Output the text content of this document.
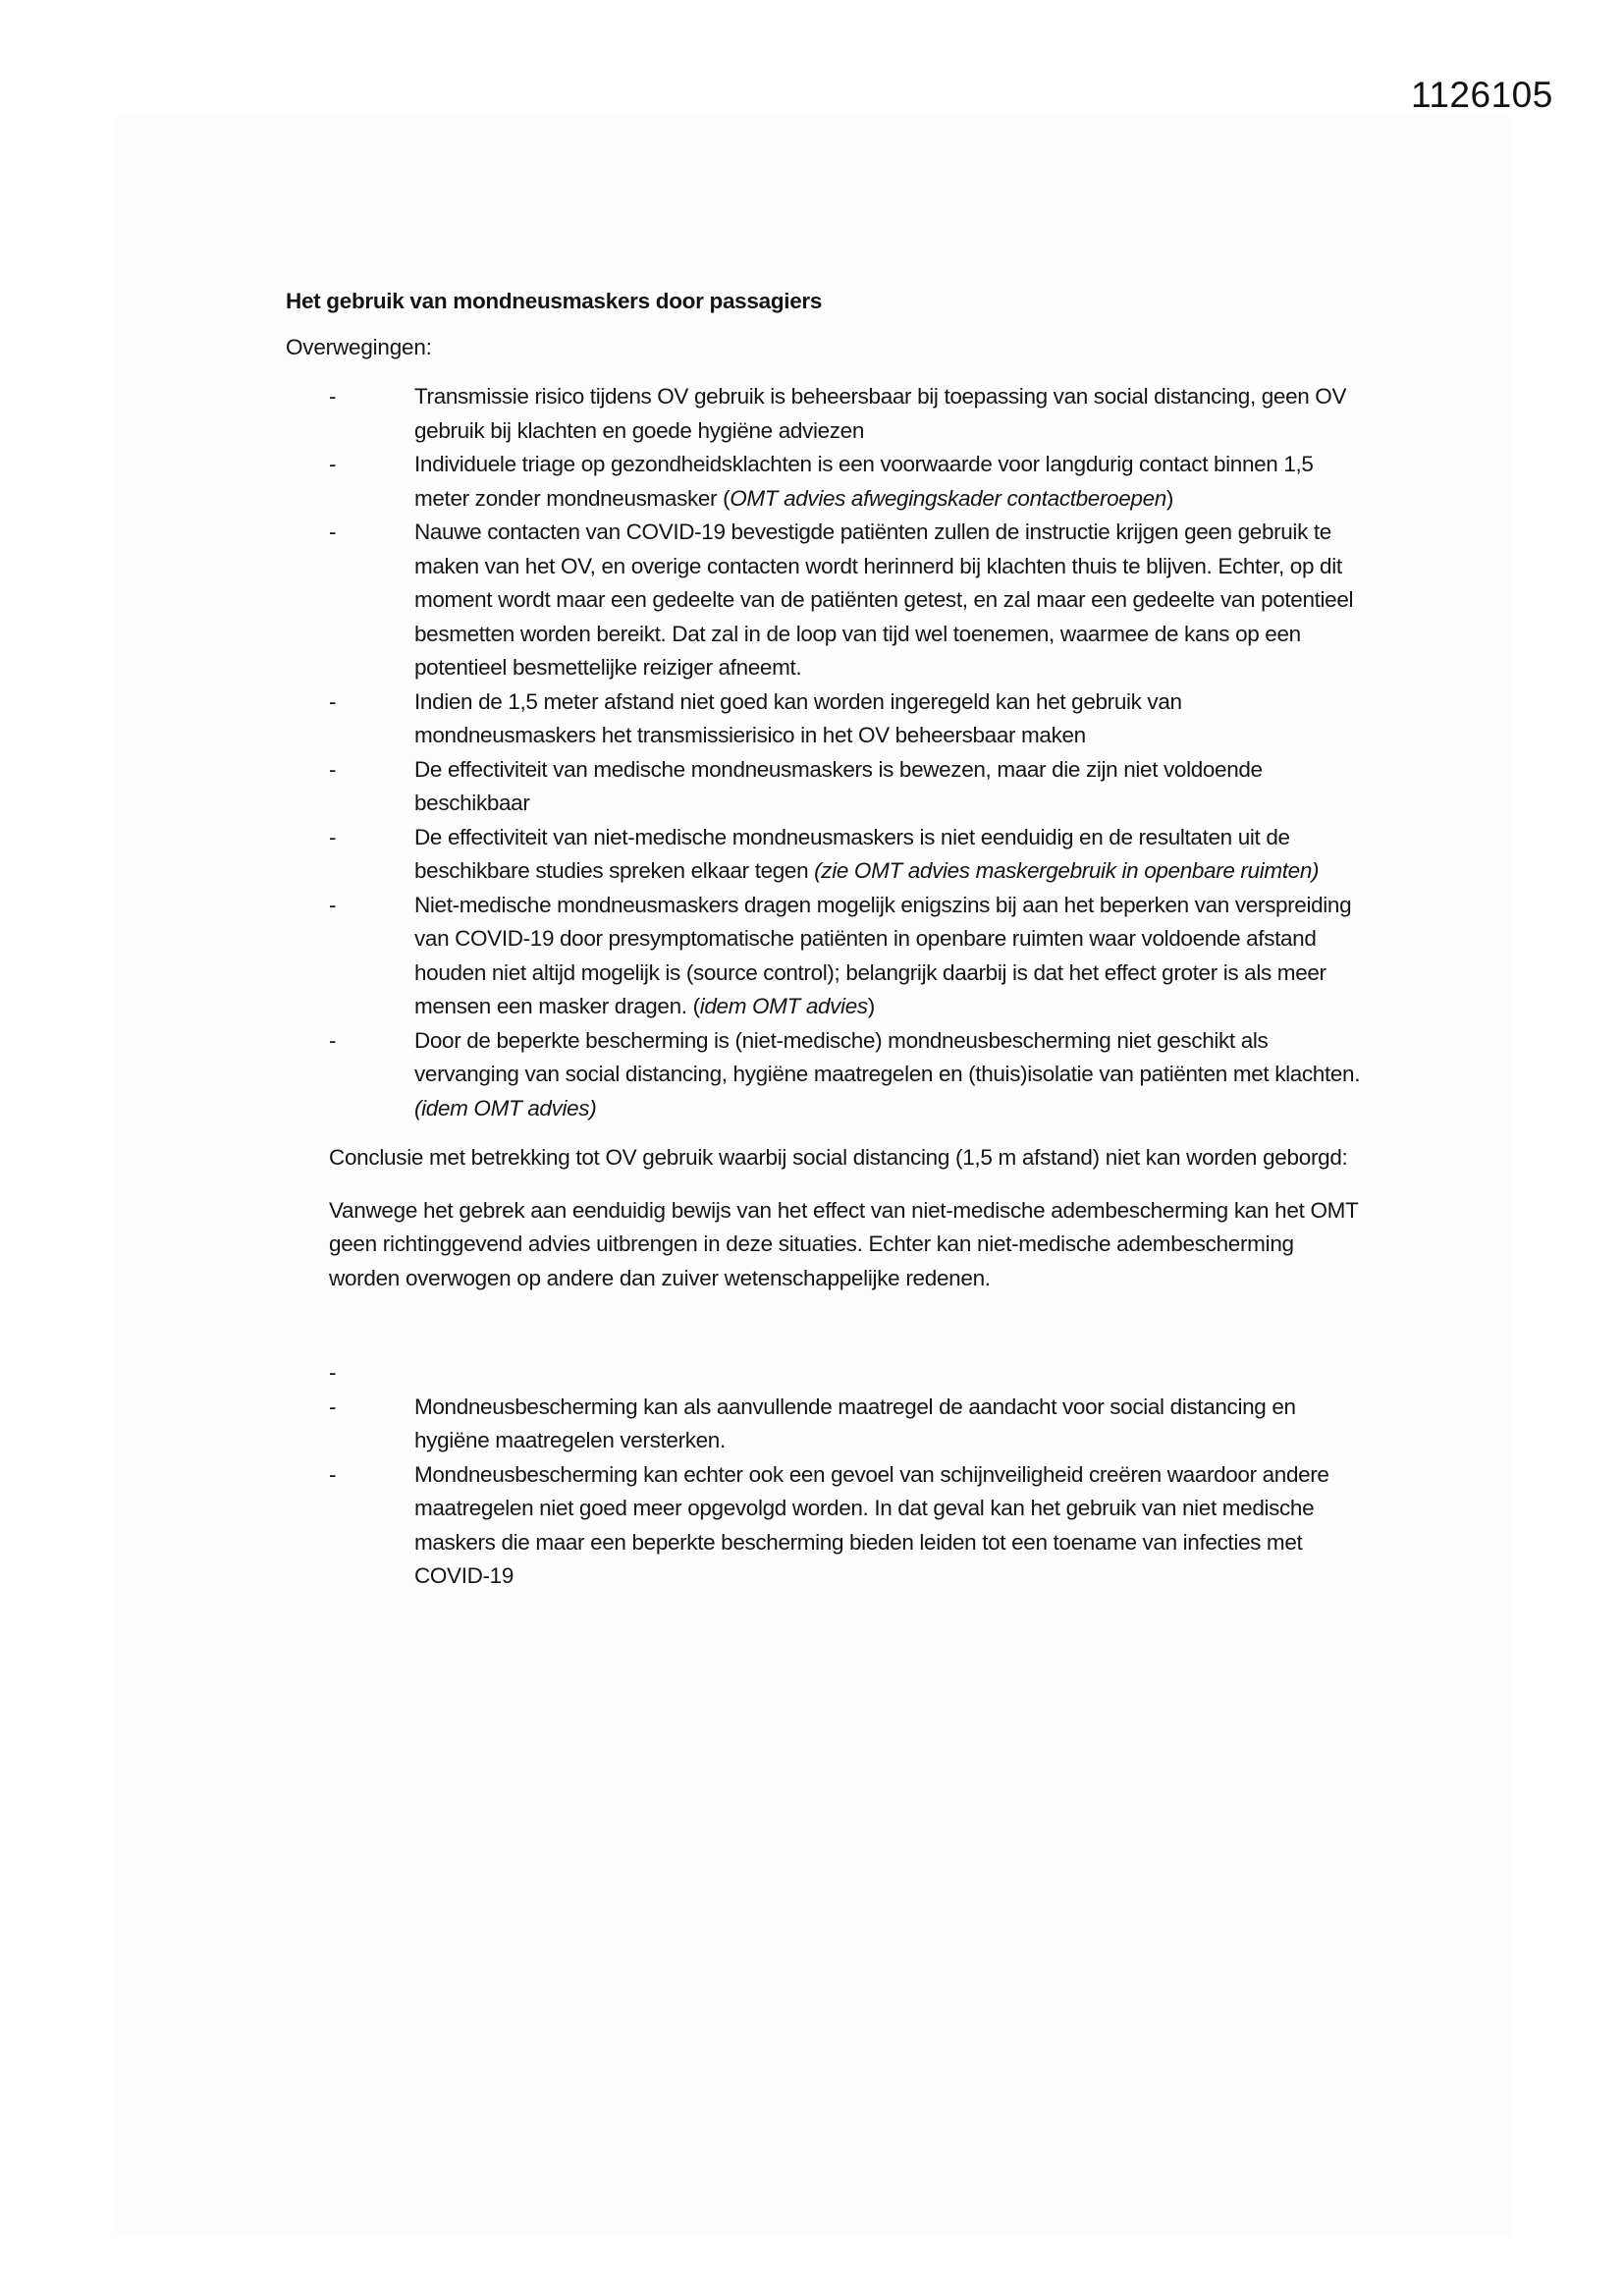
1126105
Het gebruik van mondneusmaskers door passagiers
Overwegingen:
-	Transmissie risico tijdens OV gebruik is beheersbaar bij toepassing van social distancing, geen OV gebruik bij klachten en goede hygiëne adviezen
-	Individuele triage op gezondheidsklachten is een voorwaarde voor langdurig contact binnen 1,5 meter zonder mondneusmasker (OMT advies afwegingskader contactberoepen)
-	Nauwe contacten van COVID-19 bevestigde patiënten zullen de instructie krijgen geen gebruik te maken van het OV, en overige contacten wordt herinnerd bij klachten thuis te blijven. Echter, op dit moment wordt maar een gedeelte van de patiënten getest, en zal maar een gedeelte van potentieel besmetten worden bereikt. Dat zal in de loop van tijd wel toenemen, waarmee de kans op een potentieel besmettelijke reiziger afneemt.
-	Indien de 1,5 meter afstand niet goed kan worden ingeregeld kan het gebruik van mondneusmaskers het transmissierisico in het OV beheersbaar maken
-	De effectiviteit van medische mondneusmaskers is bewezen, maar die zijn niet voldoende beschikbaar
-	De effectiviteit van niet-medische mondneusmaskers is niet eenduidig en de resultaten uit de beschikbare studies spreken elkaar tegen (zie OMT advies maskergebruik in openbare ruimten)
-	Niet-medische mondneusmaskers dragen mogelijk enigszins bij aan het beperken van verspreiding van COVID-19 door presymptomatische patiënten in openbare ruimten waar voldoende afstand houden niet altijd mogelijk is (source control); belangrijk daarbij is dat het effect groter is als meer mensen een masker dragen. (idem OMT advies)
-	Door de beperkte bescherming is (niet-medische) mondneusbescherming niet geschikt als vervanging van social distancing, hygiëne maatregelen en (thuis)isolatie van patiënten met klachten. (idem OMT advies)
Conclusie met betrekking tot OV gebruik waarbij social distancing (1,5 m afstand) niet kan worden geborgd:
Vanwege het gebrek aan eenduidig bewijs van het effect van niet-medische adembescherming kan het OMT geen richtinggevend advies uitbrengen in deze situaties. Echter kan niet-medische adembescherming worden overwogen op andere dan zuiver wetenschappelijke redenen.
-
-	Mondneusbescherming kan als aanvullende maatregel de aandacht voor social distancing en hygiëne maatregelen versterken.
-	Mondneusbescherming kan echter ook een gevoel van schijnveiligheid creëren waardoor andere maatregelen niet goed meer opgevolgd worden. In dat geval kan het gebruik van niet medische maskers die maar een beperkte bescherming bieden leiden tot een toename van infecties met COVID-19
